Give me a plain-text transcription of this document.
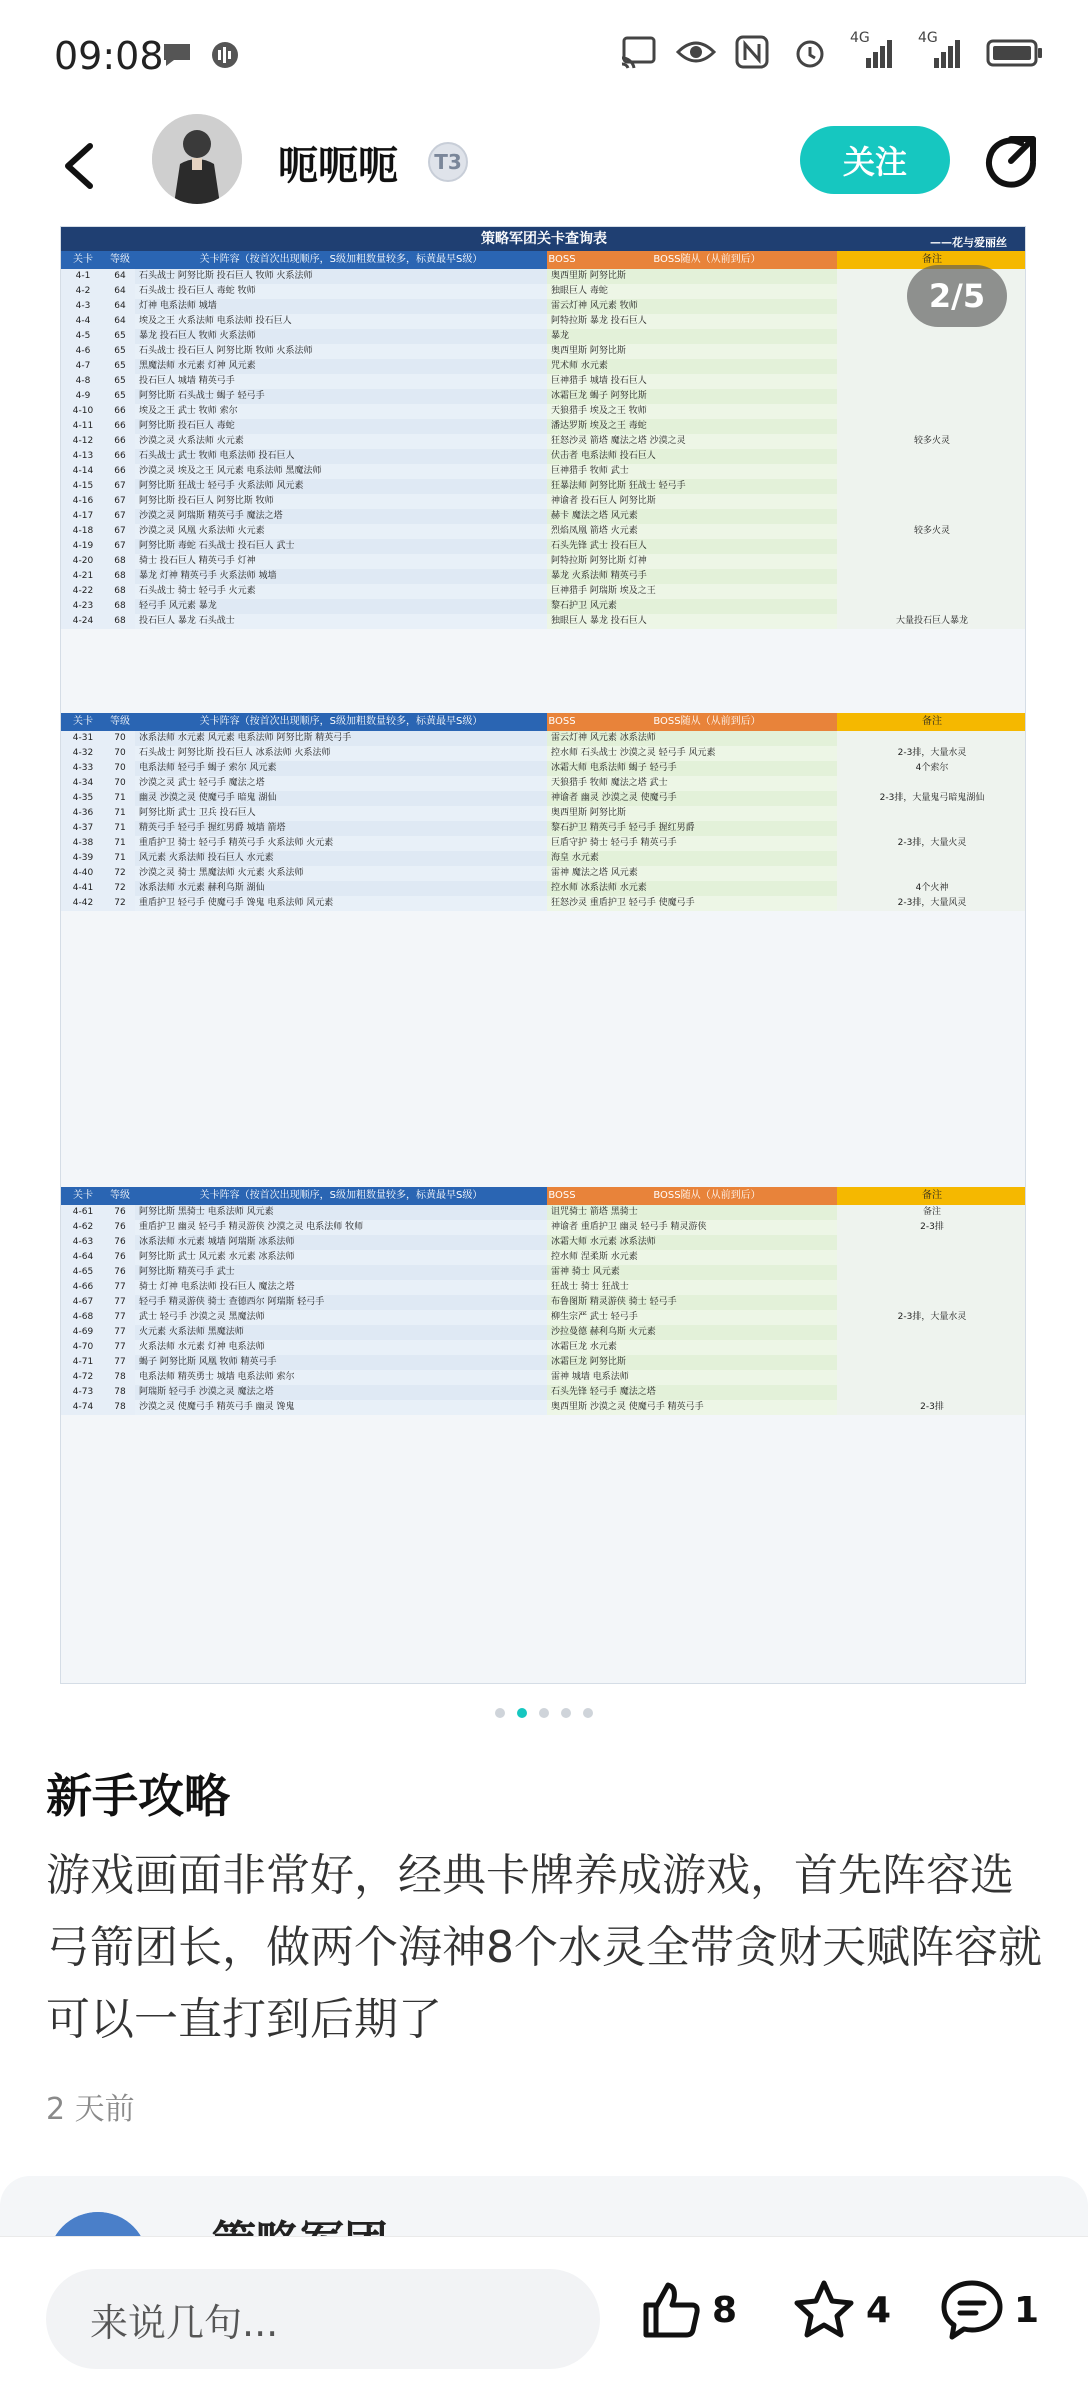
09:08	4G	4G
呃呃呃	T3	关注
策略军团关卡查询表	——花与爱丽丝
关卡	等级	关卡阵容（按首次出现顺序，S级加粗数量较多，标黄最早S级）	BOSS	BOSS随从（从前到后）	备注
4-1	64	石头战士 阿努比斯 投石巨人 牧师 火系法师	奥西里斯 阿努比斯
4-2	64	石头战士 投石巨人 毒蛇 牧师	独眼巨人 毒蛇
4-3	64	灯神 电系法师 城墙	雷云灯神 风元素 牧师
4-4	64	埃及之王 火系法师 电系法师 投石巨人	阿特拉斯 暴龙 投石巨人
4-5	65	暴龙 投石巨人 牧师 火系法师	暴龙
4-6	65	石头战士 投石巨人 阿努比斯 牧师 火系法师	奥西里斯 阿努比斯
4-7	65	黑魔法师 水元素 灯神 风元素	咒术师 水元素
4-8	65	投石巨人 城墙 精英弓手	巨神猎手 城墙 投石巨人
4-9	65	阿努比斯 石头战士 蝎子 轻弓手	冰霜巨龙 蝎子 阿努比斯
4-10	66	埃及之王 武士 牧师 索尔	天狼猎手 埃及之王 牧师
4-11	66	阿努比斯 投石巨人 毒蛇	潘达罗斯 埃及之王 毒蛇
4-12	66	沙漠之灵 火系法师 火元素	狂怒沙灵 箭塔 魔法之塔 沙漠之灵	较多火灵
4-13	66	石头战士 武士 牧师 电系法师 投石巨人	伏击者 电系法师 投石巨人
4-14	66	沙漠之灵 埃及之王 风元素 电系法师 黑魔法师	巨神猎手 牧师 武士
4-15	67	阿努比斯 狂战士 轻弓手 火系法师 风元素	狂暴法师 阿努比斯 狂战士 轻弓手
4-16	67	阿努比斯 投石巨人 阿努比斯 牧师	神谕者 投石巨人 阿努比斯
4-17	67	沙漠之灵 阿瑞斯 精英弓手 魔法之塔	赫卡 魔法之塔 风元素
4-18	67	沙漠之灵 风凰 火系法师 火元素	烈焰凤凰 箭塔 火元素	较多火灵
4-19	67	阿努比斯 毒蛇 石头战士 投石巨人 武士	石头先锋 武士 投石巨人
4-20	68	骑士 投石巨人 精英弓手 灯神	阿特拉斯 阿努比斯 灯神
4-21	68	暴龙 灯神 精英弓手 火系法师 城墙	暴龙 火系法师 精英弓手
4-22	68	石头战士 骑士 轻弓手 火元素	巨神猎手 阿瑞斯 埃及之王
4-23	68	轻弓手 风元素 暴龙	黎石护卫 风元素
4-24	68	投石巨人 暴龙 石头战士	独眼巨人 暴龙 投石巨人	大量投石巨人暴龙
关卡	等级	关卡阵容（按首次出现顺序，S级加粗数量较多，标黄最早S级）	BOSS	BOSS随从（从前到后）	备注
4-31	70	冰系法师 水元素 风元素 电系法师 阿努比斯 精英弓手	雷云灯神 风元素 冰系法师
4-32	70	石头战士 阿努比斯 投石巨人 冰系法师 火系法师	控水师 石头战士 沙漠之灵 轻弓手 风元素	2-3排，大量水灵
4-33	70	电系法师 轻弓手 蝎子 索尔 风元素	冰霜大师 电系法师 蝎子 轻弓手	4个索尔
4-34	70	沙漠之灵 武士 轻弓手 魔法之塔	天狼猎手 牧师 魔法之塔 武士
4-35	71	幽灵 沙漠之灵 使魔弓手 暗鬼 湖仙	神谕者 幽灵 沙漠之灵 使魔弓手	2-3排，大量鬼弓暗鬼湖仙
4-36	71	阿努比斯 武士 卫兵 投石巨人	奥西里斯 阿努比斯
4-37	71	精英弓手 轻弓手 握红男爵 城墙 箭塔	黎石护卫 精英弓手 轻弓手 握红男爵
4-38	71	重盾护卫 骑士 轻弓手 精英弓手 火系法师 火元素	巨盾守护 骑士 轻弓手 精英弓手	2-3排，大量火灵
4-39	71	风元素 火系法师 投石巨人 水元素	海皇 水元素
4-40	72	沙漠之灵 骑士 黑魔法师 火元素 火系法师	雷神 魔法之塔 风元素
4-41	72	冰系法师 水元素 赫利乌斯 湖仙	控水师 冰系法师 水元素	4个火神
4-42	72	重盾护卫 轻弓手 使魔弓手 馋鬼 电系法师 风元素	狂怒沙灵 重盾护卫 轻弓手 使魔弓手	2-3排，大量风灵
关卡	等级	关卡阵容（按首次出现顺序，S级加粗数量较多，标黄最早S级）	BOSS	BOSS随从（从前到后）	备注
4-61	76	阿努比斯 黑骑士 电系法师 风元素	诅咒骑士 箭塔 黑骑士	备注
4-62	76	重盾护卫 幽灵 轻弓手 精灵游侠 沙漠之灵 电系法师 牧师	神谕者 重盾护卫 幽灵 轻弓手 精灵游侠	2-3排
4-63	76	冰系法师 水元素 城墙 阿瑞斯 冰系法师	冰霜大师 水元素 冰系法师
4-64	76	阿努比斯 武士 风元素 水元素 冰系法师	控水师 涅柔斯 水元素
4-65	76	阿努比斯 精英弓手 武士	雷神 骑士 风元素
4-66	77	骑士 灯神 电系法师 投石巨人 魔法之塔	狂战士 骑士 狂战士
4-67	77	轻弓手 精灵游侠 骑士 查德西尔 阿瑞斯 轻弓手	布鲁图斯 精灵游侠 骑士 轻弓手
4-68	77	武士 轻弓手 沙漠之灵 黑魔法师	柳生宗严 武士 轻弓手	2-3排，大量水灵
4-69	77	火元素 火系法师 黑魔法师	沙拉曼德 赫利乌斯 火元素
4-70	77	火系法师 水元素 灯神 电系法师	冰霜巨龙 水元素
4-71	77	蝎子 阿努比斯 风凰 牧师 精英弓手	冰霜巨龙 阿努比斯
4-72	78	电系法师 精英勇士 城墙 电系法师 索尔	雷神 城墙 电系法师
4-73	78	阿瑞斯 轻弓手 沙漠之灵 魔法之塔	石头先锋 轻弓手 魔法之塔
4-74	78	沙漠之灵 使魔弓手 精英弓手 幽灵 馋鬼	奥西里斯 沙漠之灵 使魔弓手 精英弓手	2-3排
2/5
新手攻略
游戏画面非常好，经典卡牌养成游戏，首先阵容选弓箭团长，做两个海神8个水灵全带贪财天赋阵容就可以一直打到后期了
2 天前
来说几句...	8	4	1
